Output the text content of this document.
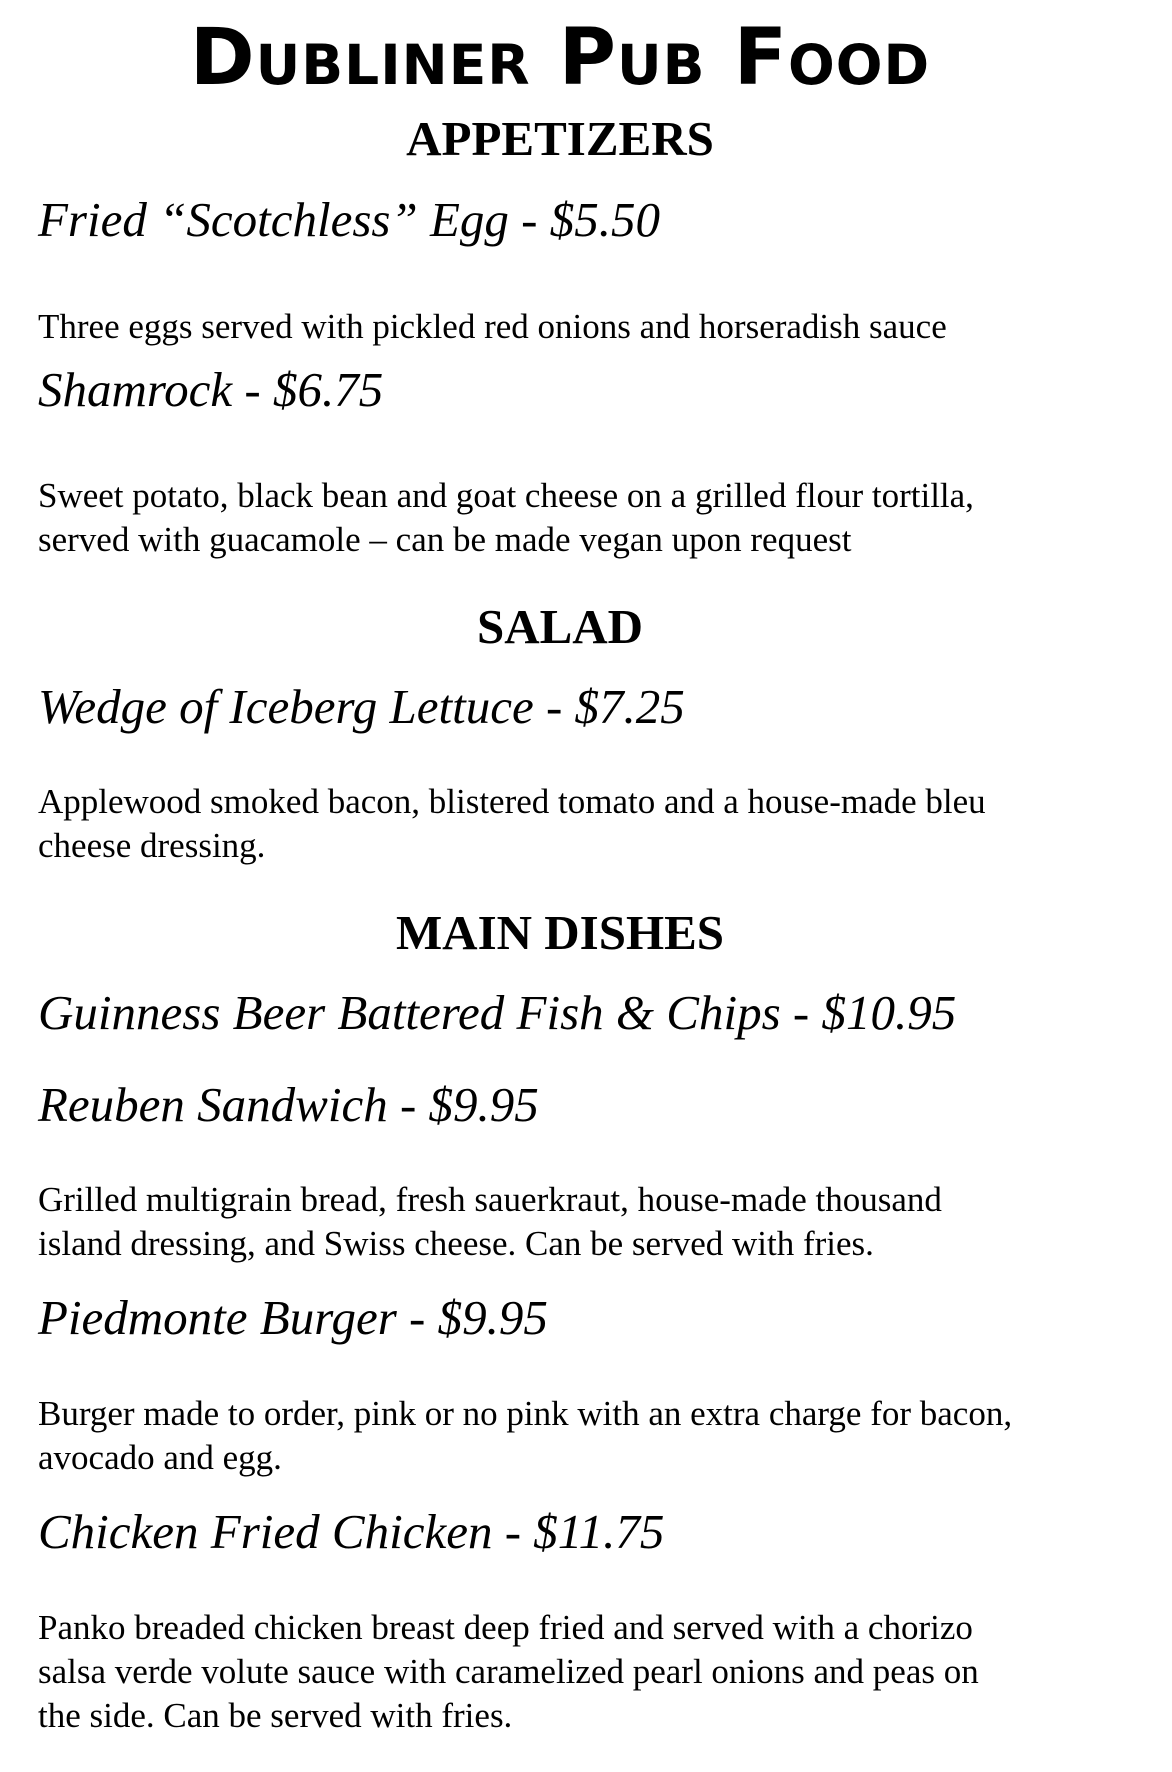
Dubliner Pub Food
APPETIZERS
Fried “Scotchless” Egg - $5.50

Three eggs served with pickled red onions and horseradish sauce

Shamrock - $6.75

Sweet potato, black bean and goat cheese on a grilled flour tortilla,
served with guacamole – can be made vegan upon request

SALAD
Wedge of Iceberg Lettuce - $7.25

Applewood smoked bacon, blistered tomato and a house-made bleu
cheese dressing.

MAIN DISHES
Guinness Beer Battered Fish & Chips - $10.95
Reuben Sandwich - $9.95

Grilled multigrain bread, fresh sauerkraut, house-made thousand
island dressing, and Swiss cheese. Can be served with fries.

Piedmonte Burger - $9.95

Burger made to order, pink or no pink with an extra charge for bacon,
avocado and egg.

Chicken Fried Chicken - $11.75

Panko breaded chicken breast deep fried and served with a chorizo
salsa verde volute sauce with caramelized pearl onions and peas on
the side. Can be served with fries.
